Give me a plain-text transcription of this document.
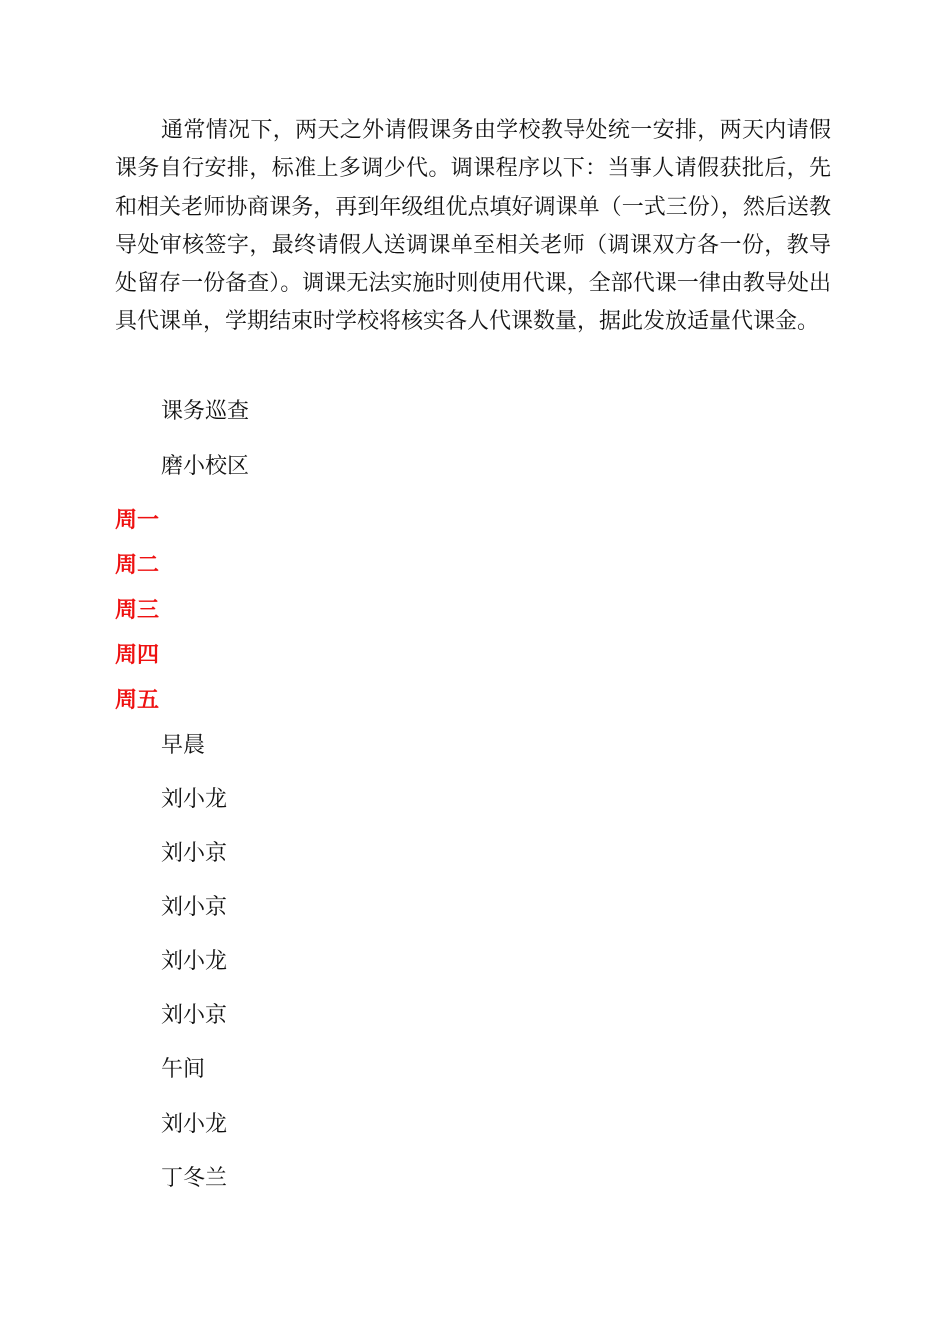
通常情况下，两天之外请假课务由学校教导处统一安排，两天内请假课务自行安排，标准上多调少代。调课程序以下：当事人请假获批后，先和相关老师协商课务，再到年级组优点填好调课单（一式三份），然后送教导处审核签字，最终请假人送调课单至相关老师（调课双方各一份，教导处留存一份备查）。调课无法实施时则使用代课，全部代课一律由教导处出具代课单，学期结束时学校将核实各人代课数量，据此发放适量代课金。

课务巡查

磨小校区

周一

周二

周三

周四

周五

早晨

刘小龙

刘小京

刘小京

刘小龙

刘小京

午间

刘小龙

丁冬兰
